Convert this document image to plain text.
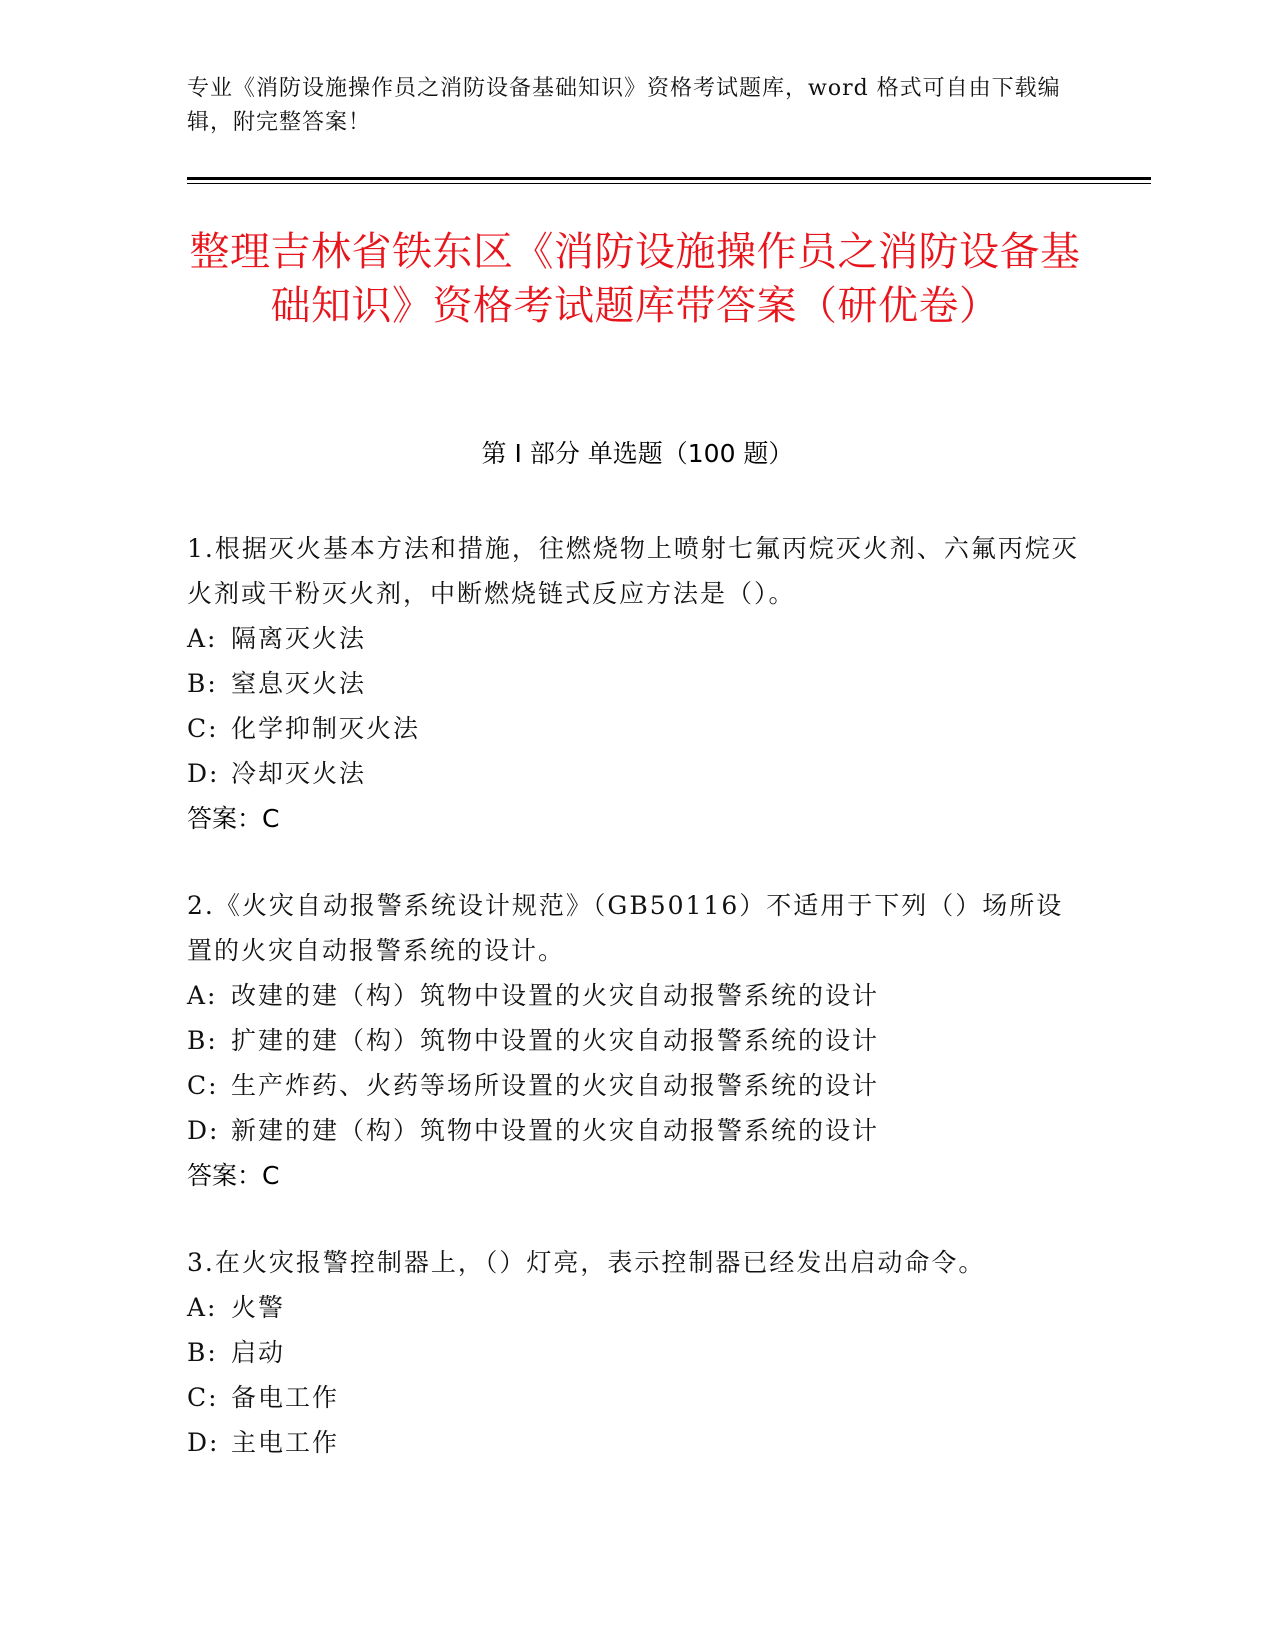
专业《消防设施操作员之消防设备基础知识》资格考试题库，word 格式可自由下载编辑，附完整答案！
整理吉林省铁东区《消防设施操作员之消防设备基础知识》资格考试题库带答案（研优卷）
第 I 部分 单选题（100 题）
1.根据灭火基本方法和措施，往燃烧物上喷射七氟丙烷灭火剂、六氟丙烷灭火剂或干粉灭火剂，中断燃烧链式反应方法是（）。
A: 隔离灭火法
B: 窒息灭火法
C: 化学抑制灭火法
D: 冷却灭火法
答案：C
2.《火灾自动报警系统设计规范》（GB50116）不适用于下列（）场所设置的火灾自动报警系统的设计。
A: 改建的建（构）筑物中设置的火灾自动报警系统的设计
B: 扩建的建（构）筑物中设置的火灾自动报警系统的设计
C: 生产炸药、火药等场所设置的火灾自动报警系统的设计
D: 新建的建（构）筑物中设置的火灾自动报警系统的设计
答案：C
3.在火灾报警控制器上，（）灯亮，表示控制器已经发出启动命令。
A: 火警
B: 启动
C: 备电工作
D: 主电工作
